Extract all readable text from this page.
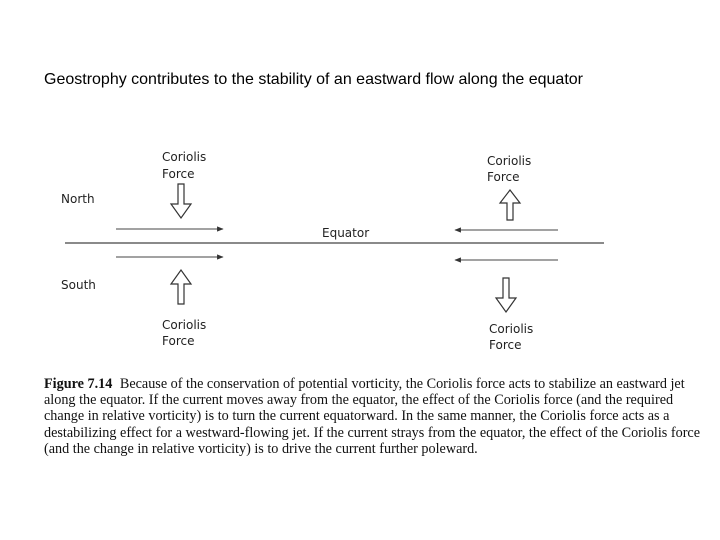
Geostrophy contributes to the stability of an eastward flow along the equator
North
South
Equator
Coriolis
Force
Coriolis
Force
Coriolis
Force
Coriolis
Force

Figure 7.14 Because of the conservation of potential vorticity, the Coriolis force acts to stabilize an eastward jet along the equator. If the current moves away from the equator, the effect of the Coriolis force (and the required change in relative vorticity) is to turn the current equatorward. In the same manner, the Coriolis force acts as a destabilizing effect for a westward-flowing jet. If the current strays from the equator, the effect of the Coriolis force (and the change in relative vorticity) is to drive the current further poleward.
